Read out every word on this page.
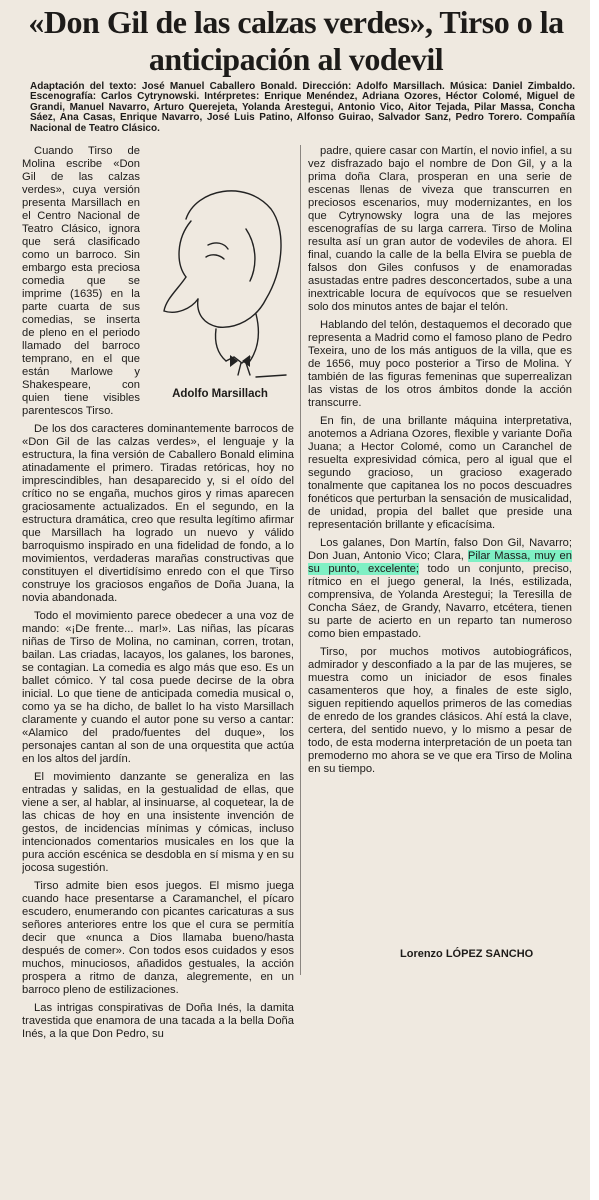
«Don Gil de las calzas verdes», Tirso o la anticipación al vodevil

Adaptación del texto: José Manuel Caballero Bonald. Dirección: Adolfo Marsillach. Música: Daniel Zimbaldo. Escenografía: Carlos Cytrynowski. Intérpretes: Enrique Menéndez, Adriana Ozores, Héctor Colomé, Miguel de Grandi, Manuel Navarro, Arturo Querejeta, Yolanda Arestegui, Antonio Vico, Aitor Tejada, Pilar Massa, Concha Sáez, Ana Casas, Enrique Navarro, José Luis Patino, Alfonso Guirao, Salvador Sanz, Pedro Torero. Compañía Nacional de Teatro Clásico.

Adolfo Marsillach

Cuando Tirso de Molina escribe «Don Gil de las calzas verdes», cuya versión presenta Marsillach en el Centro Nacional de Teatro Clásico, ignora que será clasificado como un barroco. Sin embargo esta preciosa comedia que se imprime (1635) en la parte cuarta de sus comedias, se inserta de pleno en el periodo llamado del barroco temprano, en el que están Marlowe y Shakespeare, con quien tiene visibles parentescos Tirso.

De los dos caracteres dominantemente barrocos de «Don Gil de las calzas verdes», el lenguaje y la estructura, la fina versión de Caballero Bonald elimina atinadamente el primero. Tiradas retóricas, hoy no imprescindibles, han desaparecido y, si el oído del crítico no se engaña, muchos giros y rimas aparecen graciosamente actualizados. En el segundo, en la estructura dramática, creo que resulta legítimo afirmar que Marsillach ha logrado un nuevo y válido barroquismo inspirado en una fidelidad de fondo, a lo movimientos, verdaderas marañas constructivas que constituyen el divertidísimo enredo con el que Tirso construye los graciosos engaños de Doña Juana, la novia abandonada.

Todo el movimiento parece obedecer a una voz de mando: «¡De frente... mar!». Las niñas, las pícaras niñas de Tirso de Molina, no caminan, corren, trotan, bailan. Las criadas, lacayos, los galanes, los barones, se contagian. La comedia es algo más que eso. Es un ballet cómico. Y tal cosa puede decirse de la obra inicial. Lo que tiene de anticipada comedia musical o, como ya se ha dicho, de ballet lo ha visto Marsillach claramente y cuando el autor pone su verso a cantar: «Alamico del prado/fuentes del duque», los personajes cantan al son de una orquestita que actúa en los altos del jardín.

El movimiento danzante se generaliza en las entradas y salidas, en la gestualidad de ellas, que viene a ser, al hablar, al insinuarse, al coquetear, la de las chicas de hoy en una insistente invención de gestos, de incidencias mínimas y cómicas, incluso intencionados comentarios musicales en los que la pura acción escénica se desdobla en sí misma y en su jocosa sugestión.

Tirso admite bien esos juegos. El mismo juega cuando hace presentarse a Caramanchel, el pícaro escudero, enumerando con picantes caricaturas a sus señores anteriores entre los que el cura se permitía decir que «nunca a Dios llamaba bueno/hasta después de comer». Con todos esos cuidados y esos muchos, minuciosos, añadidos gestuales, la acción prospera a ritmo de danza, alegremente, en un barroco pleno de estilizaciones.

Las intrigas conspirativas de Doña Inés, la damita travestida que enamora de una tacada a la bella Doña Inés, a la que Don Pedro, su

padre, quiere casar con Martín, el novio infiel, a su vez disfrazado bajo el nombre de Don Gil, y a la prima doña Clara, prosperan en una serie de escenas llenas de viveza que transcurren en preciosos escenarios, muy modernizantes, en los que Cytrynowsky logra una de las mejores escenografías de su larga carrera. Tirso de Molina resulta así un gran autor de vodeviles de ahora. El final, cuando la calle de la bella Elvira se puebla de falsos don Giles confusos y de enamoradas asustadas entre padres desconcertados, sube a una inextricable locura de equívocos que se resuelven solo dos minutos antes de bajar el telón.

Hablando del telón, destaquemos el decorado que representa a Madrid como el famoso plano de Pedro Texeira, uno de los más antiguos de la villa, que es de 1656, muy poco posterior a Tirso de Molina. Y también de las figuras femeninas que superrealizan las vistas de los otros ámbitos donde la acción transcurre.

En fin, de una brillante máquina interpretativa, anotemos a Adriana Ozores, flexible y variante Doña Juana; a Hector Colomé, como un Caranchel de resuelta expresividad cómica, pero al igual que el segundo gracioso, un gracioso exagerado tonalmente que capitanea los no pocos descuadres fonéticos que perturban la sensación de musicalidad, de unidad, propia del ballet que preside una representación brillante y eficacísima.

Los galanes, Don Martín, falso Don Gil, Navarro; Don Juan, Antonio Vico; Clara, Pilar Massa, muy en su punto, excelente; todo un conjunto, preciso, rítmico en el juego general, la Inés, estilizada, comprensiva, de Yolanda Arestegui; la Teresilla de Concha Sáez, de Grandy, Navarro, etcétera, tienen su parte de acierto en un reparto tan numeroso como bien empastado.

Tirso, por muchos motivos autobiográficos, admirador y desconfiado a la par de las mujeres, se muestra como un iniciador de esos finales casamenteros que hoy, a finales de este siglo, siguen repitiendo aquellos primeros de las comedias de enredo de los grandes clásicos. Ahí está la clave, certera, del sentido nuevo, y lo mismo a pesar de todo, de esta moderna interpretación de un poeta tan premoderno mo ahora se ve que era Tirso de Molina en su tiempo.

Lorenzo LÓPEZ SANCHO
